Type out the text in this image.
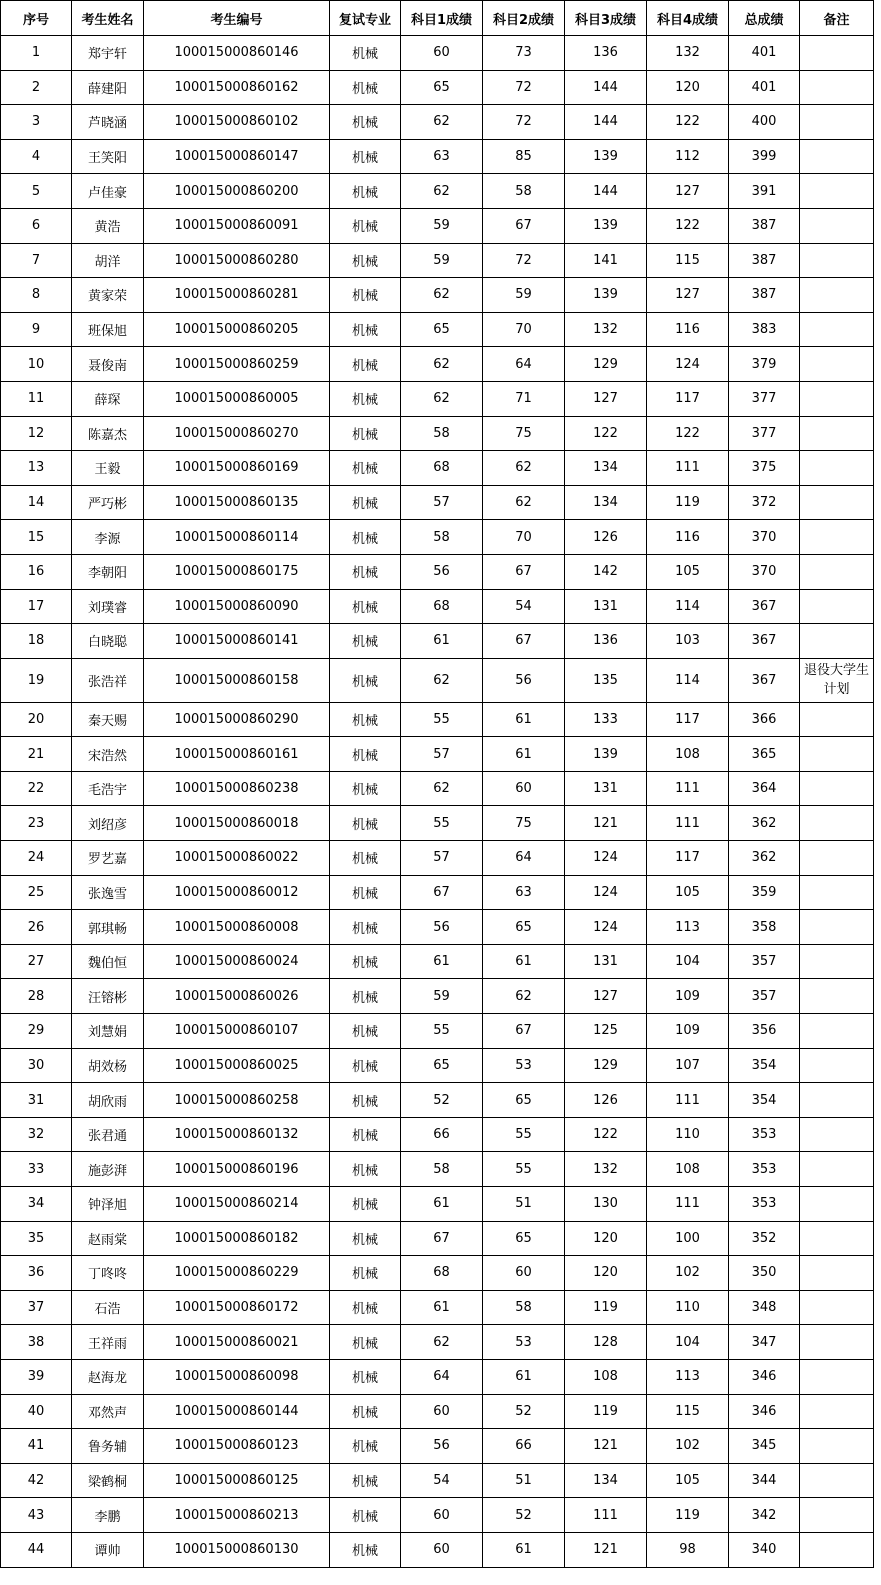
序号	考生姓名	考生编号	复试专业	科目1成绩	科目2成绩	科目3成绩	科目4成绩	总成绩	备注
1	郑宇轩	100015000860146	机械	60	73	136	132	401	
2	薛建阳	100015000860162	机械	65	72	144	120	401	
3	芦晓涵	100015000860102	机械	62	72	144	122	400	
4	王笑阳	100015000860147	机械	63	85	139	112	399	
5	卢佳豪	100015000860200	机械	62	58	144	127	391	
6	黄浩	100015000860091	机械	59	67	139	122	387	
7	胡洋	100015000860280	机械	59	72	141	115	387	
8	黄家荣	100015000860281	机械	62	59	139	127	387	
9	班保旭	100015000860205	机械	65	70	132	116	383	
10	聂俊南	100015000860259	机械	62	64	129	124	379	
11	薛琛	100015000860005	机械	62	71	127	117	377	
12	陈嘉杰	100015000860270	机械	58	75	122	122	377	
13	王毅	100015000860169	机械	68	62	134	111	375	
14	严巧彬	100015000860135	机械	57	62	134	119	372	
15	李源	100015000860114	机械	58	70	126	116	370	
16	李朝阳	100015000860175	机械	56	67	142	105	370	
17	刘璞睿	100015000860090	机械	68	54	131	114	367	
18	白晓聪	100015000860141	机械	61	67	136	103	367	
19	张浩祥	100015000860158	机械	62	56	135	114	367	退役大学生计划
20	秦天赐	100015000860290	机械	55	61	133	117	366	
21	宋浩然	100015000860161	机械	57	61	139	108	365	
22	毛浩宇	100015000860238	机械	62	60	131	111	364	
23	刘绍彦	100015000860018	机械	55	75	121	111	362	
24	罗艺嘉	100015000860022	机械	57	64	124	117	362	
25	张逸雪	100015000860012	机械	67	63	124	105	359	
26	郭琪畅	100015000860008	机械	56	65	124	113	358	
27	魏伯恒	100015000860024	机械	61	61	131	104	357	
28	汪镕彬	100015000860026	机械	59	62	127	109	357	
29	刘慧娟	100015000860107	机械	55	67	125	109	356	
30	胡效杨	100015000860025	机械	65	53	129	107	354	
31	胡欣雨	100015000860258	机械	52	65	126	111	354	
32	张君通	100015000860132	机械	66	55	122	110	353	
33	施彭湃	100015000860196	机械	58	55	132	108	353	
34	钟泽旭	100015000860214	机械	61	51	130	111	353	
35	赵雨棠	100015000860182	机械	67	65	120	100	352	
36	丁咚咚	100015000860229	机械	68	60	120	102	350	
37	石浩	100015000860172	机械	61	58	119	110	348	
38	王祥雨	100015000860021	机械	62	53	128	104	347	
39	赵海龙	100015000860098	机械	64	61	108	113	346	
40	邓然声	100015000860144	机械	60	52	119	115	346	
41	鲁务辅	100015000860123	机械	56	66	121	102	345	
42	梁鹤桐	100015000860125	机械	54	51	134	105	344	
43	李鹏	100015000860213	机械	60	52	111	119	342	
44	谭帅	100015000860130	机械	60	61	121	98	340	
